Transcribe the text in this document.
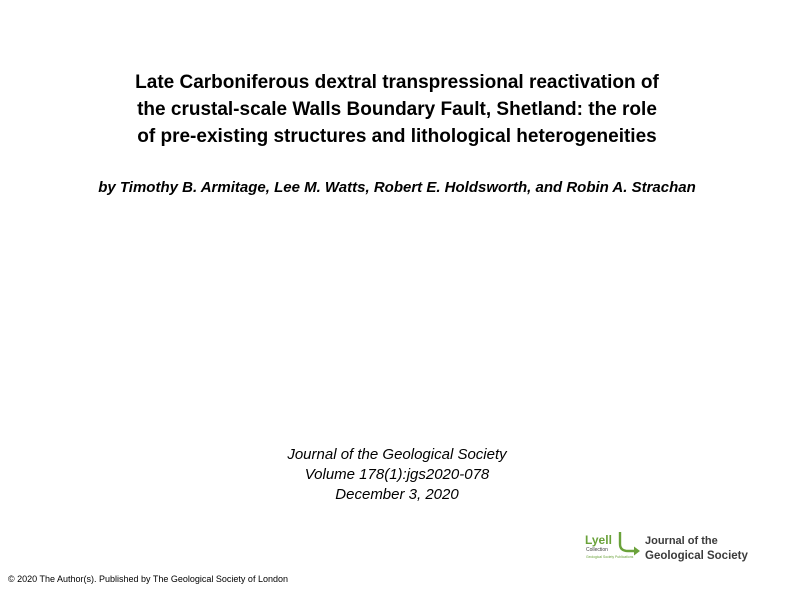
Late Carboniferous dextral transpressional reactivation of
the crustal-scale Walls Boundary Fault, Shetland: the role
of pre-existing structures and lithological heterogeneities
by Timothy B. Armitage, Lee M. Watts, Robert E. Holdsworth, and Robin A. Strachan
Journal of the Geological Society
Volume 178(1):jgs2020-078
December 3, 2020
Lyell
Collection
Geological Society Publications
Journal of the
Geological Society
© 2020 The Author(s). Published by The Geological Society of London
